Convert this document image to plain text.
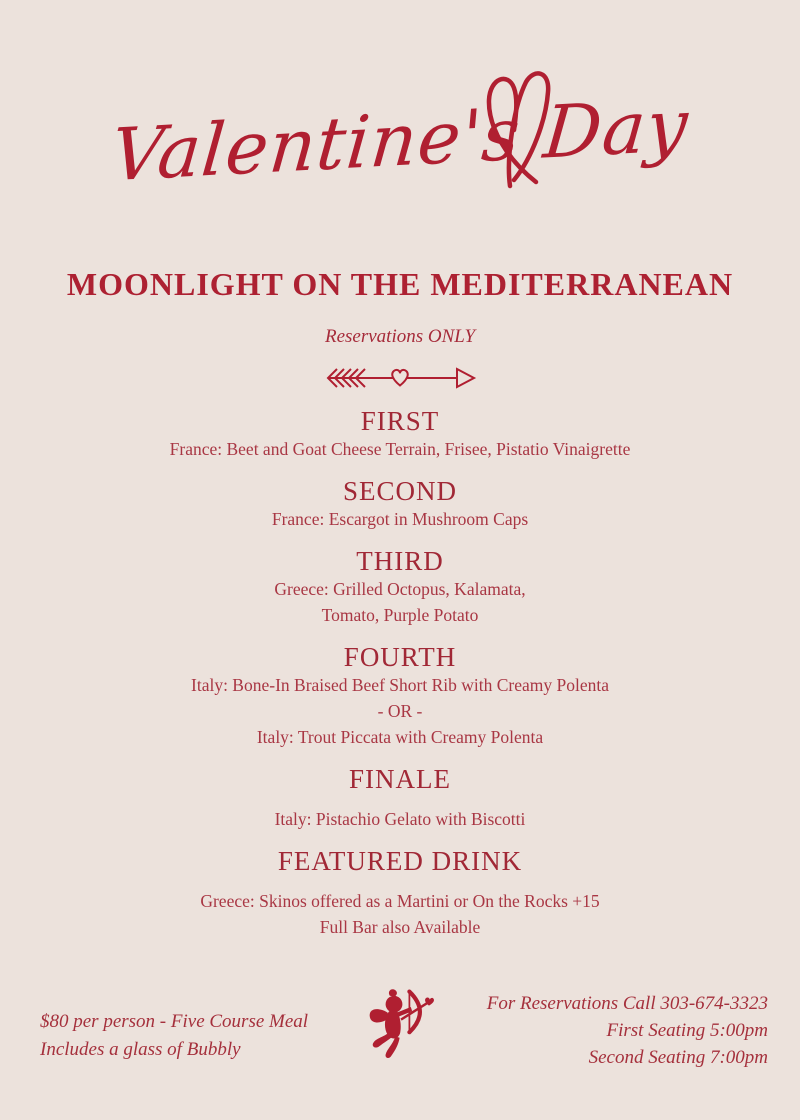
Valentine's Day
MOONLIGHT ON THE MEDITERRANEAN
Reservations ONLY
FIRST

France: Beet and Goat Cheese Terrain, Frisee, Pistatio Vinaigrette

SECOND

France: Escargot in Mushroom Caps

THIRD

Greece: Grilled Octopus, Kalamata,

Tomato, Purple Potato

FOURTH

Italy: Bone-In Braised Beef Short Rib with Creamy Polenta

- OR -

Italy: Trout Piccata with Creamy Polenta

FINALE

Italy: Pistachio Gelato with Biscotti

FEATURED DRINK

Greece: Skinos offered as a Martini or On the Rocks +15

Full Bar also Available

$80 per person - Five Course Meal
Includes a glass of Bubbly
For Reservations Call 303-674-3323
First Seating 5:00pm
Second Seating 7:00pm
